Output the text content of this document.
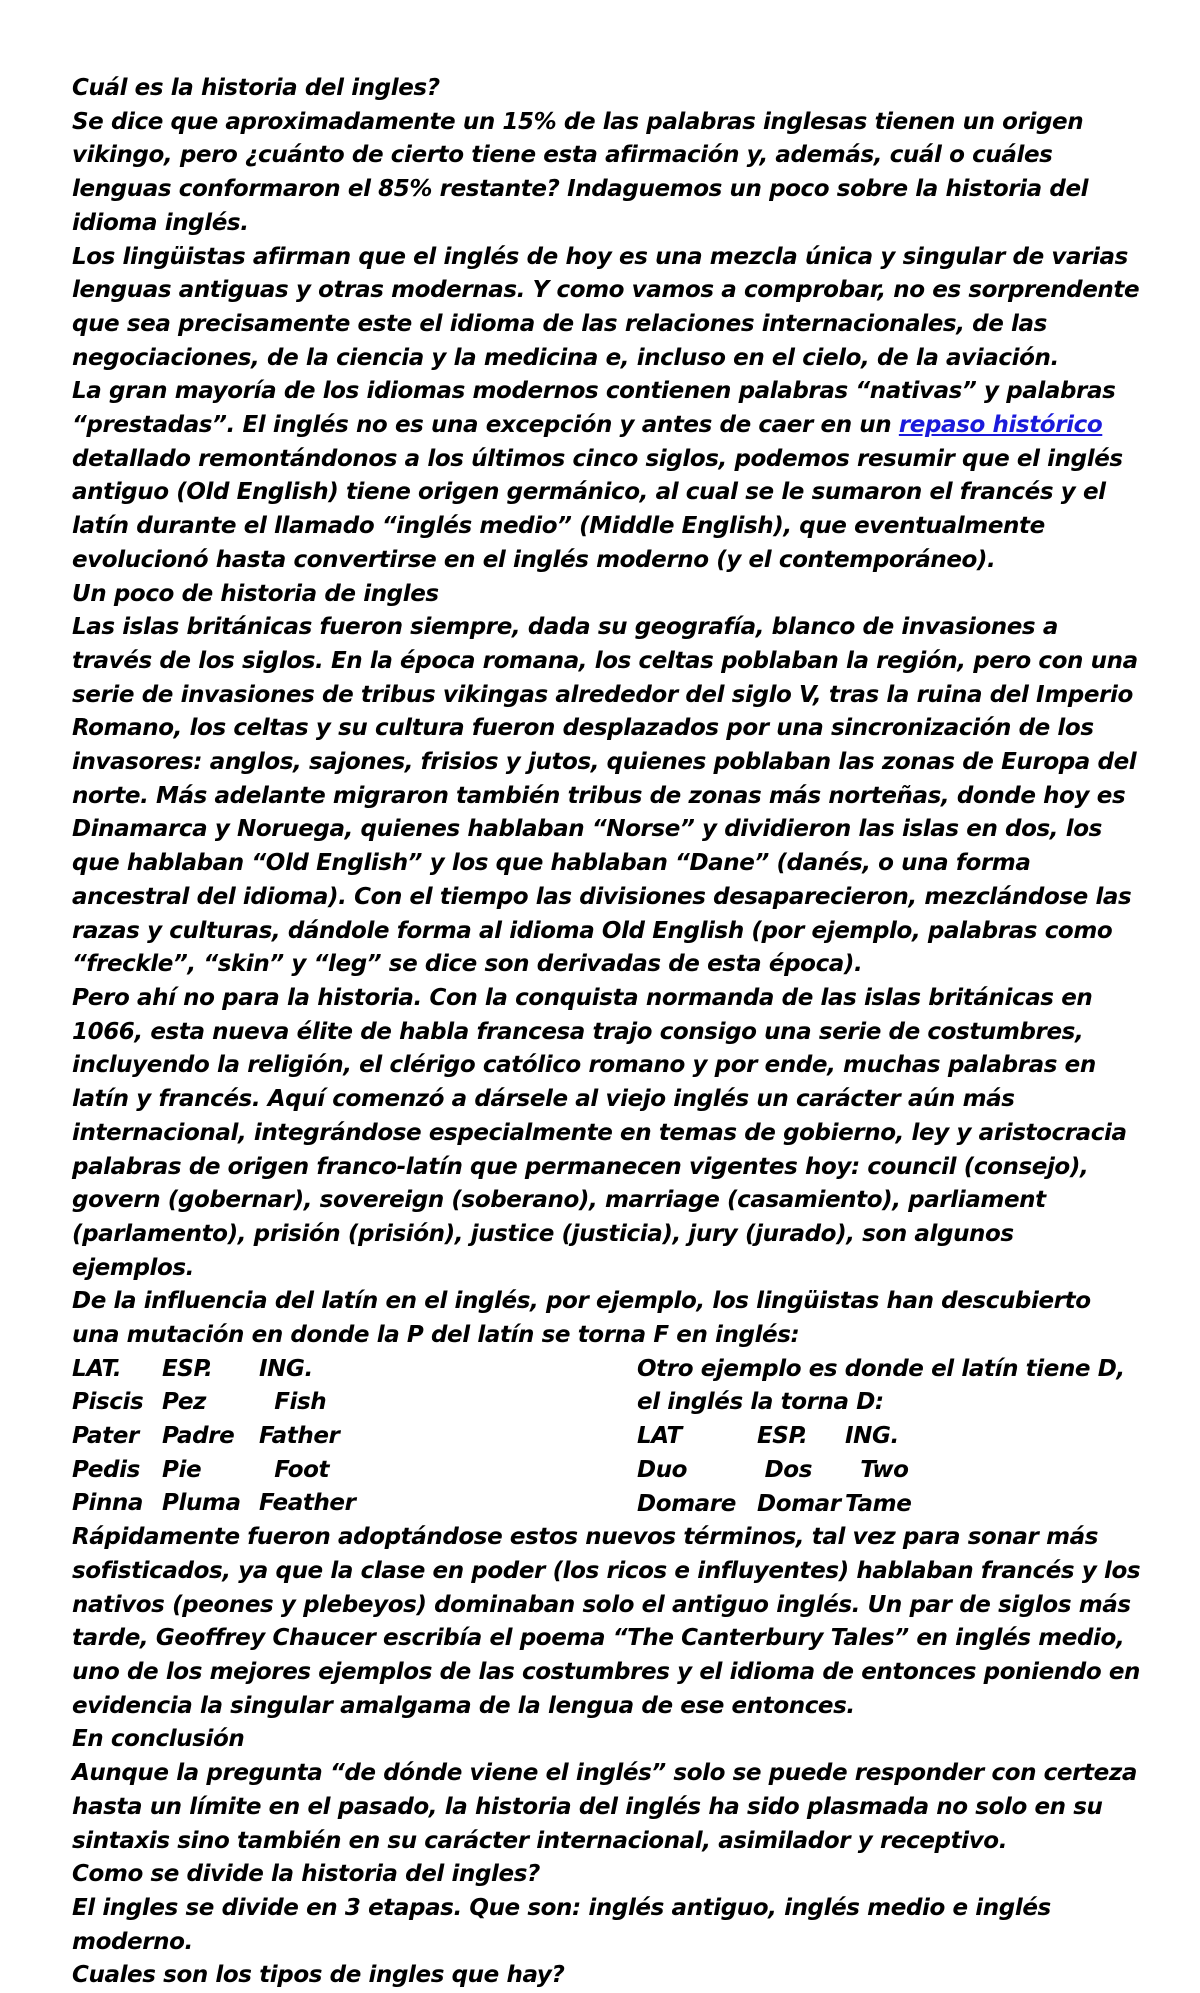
Cuál es la historia del ingles?

Se dice que aproximadamente un 15% de las palabras inglesas tienen un origen vikingo, pero ¿cuánto de cierto tiene esta afirmación y, además, cuál o cuáles lenguas conformaron el 85% restante? Indaguemos un poco sobre la historia del idioma inglés.

Los lingüistas afirman que el inglés de hoy es una mezcla única y singular de varias lenguas antiguas y otras modernas. Y como vamos a comprobar, no es sorprendente que sea precisamente este el idioma de las relaciones internacionales, de las negociaciones, de la ciencia y la medicina e, incluso en el cielo, de la aviación.

La gran mayoría de los idiomas modernos contienen palabras “nativas” y palabras “prestadas”. El inglés no es una excepción y antes de caer en un repaso histórico detallado remontándonos a los últimos cinco siglos, podemos resumir que el inglés antiguo (Old English) tiene origen germánico, al cual se le sumaron el francés y el latín durante el llamado “inglés medio” (Middle English), que eventualmente evolucionó hasta convertirse en el inglés moderno (y el contemporáneo).

Un poco de historia de ingles

Las islas británicas fueron siempre, dada su geografía, blanco de invasiones a través de los siglos. En la época romana, los celtas poblaban la región, pero con una serie de invasiones de tribus vikingas alrededor del siglo V, tras la ruina del Imperio Romano, los celtas y su cultura fueron desplazados por una sincronización de los invasores: anglos, sajones, frisios y jutos, quienes poblaban las zonas de Europa del norte. Más adelante migraron también tribus de zonas más norteñas, donde hoy es Dinamarca y Noruega, quienes hablaban “Norse” y dividieron las islas en dos, los que hablaban “Old English” y los que hablaban “Dane” (danés, o una forma ancestral del idioma). Con el tiempo las divisiones desaparecieron, mezclándose las razas y culturas, dándole forma al idioma Old English (por ejemplo, palabras como “freckle”, “skin” y “leg” se dice son derivadas de esta época).

Pero ahí no para la historia. Con la conquista normanda de las islas británicas en 1066, esta nueva élite de habla francesa trajo consigo una serie de costumbres, incluyendo la religión, el clérigo católico romano y por ende, muchas palabras en latín y francés. Aquí comenzó a dársele al viejo inglés un carácter aún más internacional, integrándose especialmente en temas de gobierno, ley y aristocracia palabras de origen franco-latín que permanecen vigentes hoy: council (consejo), govern (gobernar), sovereign (soberano), marriage (casamiento), parliament (parlamento), prisión (prisión), justice (justicia), jury (jurado), son algunos ejemplos.

De la influencia del latín en el inglés, por ejemplo, los lingüistas han descubierto una mutación en donde la P del latín se torna F en inglés:

LAT.	ESP.	ING.
Piscis Pez	Fish
Pater	Padre	Father
Pedis Pie	Foot
Pinna Pluma Feather

Otro ejemplo es donde el latín tiene D, el inglés la torna D:

LAT	ESP.	ING.
Duo	Dos	Two
Domare Domar Tame

Rápidamente fueron adoptándose estos nuevos términos, tal vez para sonar más sofisticados, ya que la clase en poder (los ricos e influyentes) hablaban francés y los nativos (peones y plebeyos) dominaban solo el antiguo inglés. Un par de siglos más tarde, Geoffrey Chaucer escribía el poema “The Canterbury Tales” en inglés medio, uno de los mejores ejemplos de las costumbres y el idioma de entonces poniendo en evidencia la singular amalgama de la lengua de ese entonces.

En conclusión

Aunque la pregunta “de dónde viene el inglés” solo se puede responder con certeza hasta un límite en el pasado, la historia del inglés ha sido plasmada no solo en su sintaxis sino también en su carácter internacional, asimilador y receptivo.

Como se divide la historia del ingles?

El ingles se divide en 3 etapas. Que son: inglés antiguo, inglés medio e inglés moderno.

Cuales son los tipos de ingles que hay?
